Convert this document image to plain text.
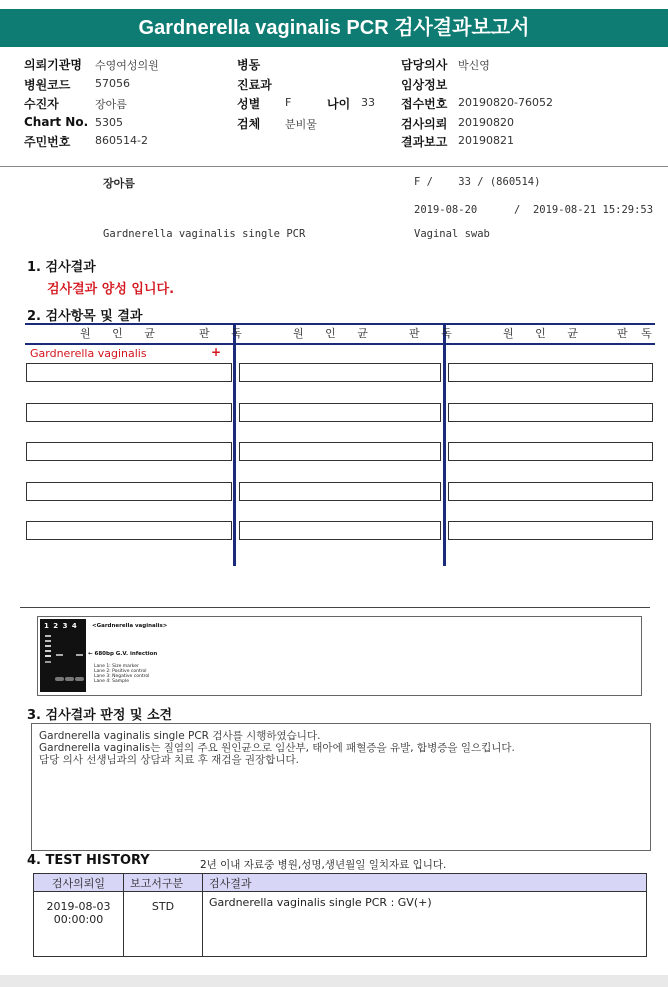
Gardnerella vaginalis PCR 검사결과보고서
의뢰기관명 수영여성의원
병원코드 57056
수진자	장아름
Chart No. 5305
주민번호 860514-2
병동
진료과
성별 F	나이 33
검체 분비물
담당의사 박신영
임상정보
접수번호 20190820-76052
검사의뢰 20190820
결과보고 20190821
장아름	F /    33 / (860514)
2019-08-20	/  2019-08-21 15:29:53
Gardnerella vaginalis single PCR	Vaginal swab
1. 검사결과
검사결과 양성 입니다.
2. 검사항목 및 결과
원 인 균	판 독	원 인 균	판 독	원 인 균	판 독
Gardnerella vaginalis	+
1 2 3 4	<Gardnerella vaginalis>
← 680bp G.V. infection
Lane 1: Size marker
Lane 2: Positive control
Lane 3: Negative control
Lane 4: Sample
3. 검사결과 판정 및 소견
Gardnerella vaginalis single PCR 검사를 시행하였습니다.
Gardnerella vaginalis는 질염의 주요 원인균으로 임산부, 태아에 패혈증을 유발, 합병증을 일으킵니다.
담당 의사 선생님과의 상담과 치료 후 재검을 권장합니다.
4. TEST HISTORY	2년 이내 자료중 병원,성명,생년월일 일치자료 입니다.
검사의뢰일	보고서구분	검사결과

2019-08-03
00:00:00	STD	Gardnerella vaginalis single PCR : GV(+)
